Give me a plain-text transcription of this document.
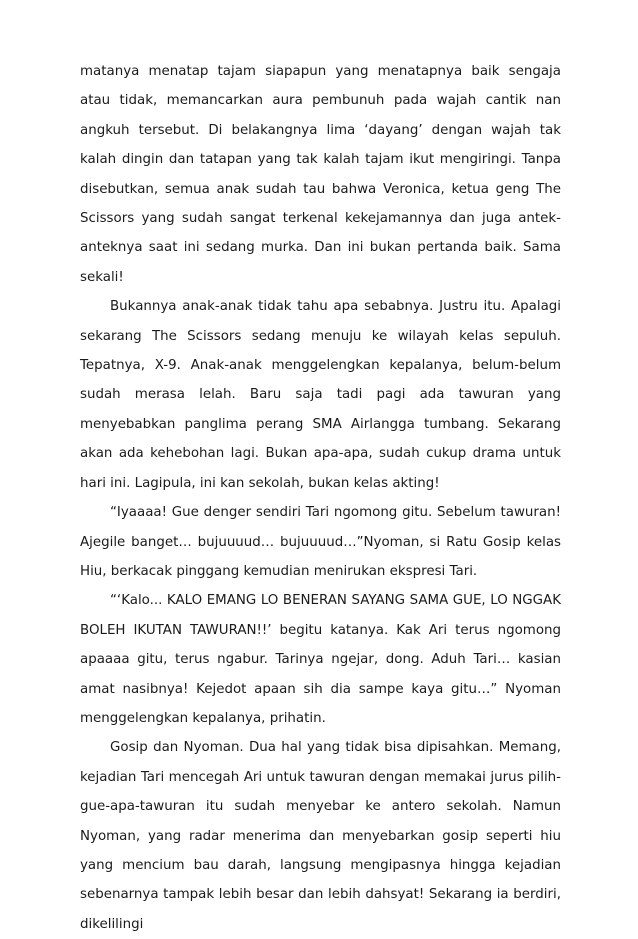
matanya menatap tajam siapapun yang menatapnya baik sengaja atau tidak, memancarkan aura pembunuh pada wajah cantik nan angkuh tersebut. Di belakangnya lima ‘dayang’ dengan wajah tak kalah dingin dan tatapan yang tak kalah tajam ikut mengiringi. Tanpa disebutkan, semua anak sudah tau bahwa Veronica, ketua geng The Scissors yang sudah sangat terkenal kekejamannya dan juga antek-anteknya saat ini sedang murka. Dan ini bukan pertanda baik. Sama sekali!

Bukannya anak-anak tidak tahu apa sebabnya. Justru itu. Apalagi sekarang The Scissors sedang menuju ke wilayah kelas sepuluh. Tepatnya, X-9. Anak-anak menggelengkan kepalanya, belum-belum sudah merasa lelah. Baru saja tadi pagi ada tawuran yang menyebabkan panglima perang SMA Airlangga tumbang. Sekarang akan ada kehebohan lagi. Bukan apa-apa, sudah cukup drama untuk hari ini. Lagipula, ini kan sekolah, bukan kelas akting!

“Iyaaaa! Gue denger sendiri Tari ngomong gitu. Sebelum tawuran! Ajegile banget… bujuuuud… bujuuuud…”Nyoman, si Ratu Gosip kelas Hiu, berkacak pinggang kemudian menirukan ekspresi Tari.

“‘Kalo... KALO EMANG LO BENERAN SAYANG SAMA GUE, LO NGGAK BOLEH IKUTAN TAWURAN!!’ begitu katanya. Kak Ari terus ngomong apaaaa gitu, terus ngabur. Tarinya ngejar, dong. Aduh Tari… kasian amat nasibnya! Kejedot apaan sih dia sampe kaya gitu…” Nyoman menggelengkan kepalanya, prihatin.

Gosip dan Nyoman. Dua hal yang tidak bisa dipisahkan. Memang, kejadian Tari mencegah Ari untuk tawuran dengan memakai jurus pilih-gue-apa-tawuran itu sudah menyebar ke antero sekolah. Namun Nyoman, yang radar menerima dan menyebarkan gosip seperti hiu yang mencium bau darah, langsung mengipasnya hingga kejadian sebenarnya tampak lebih besar dan lebih dahsyat! Sekarang ia berdiri, dikelilingi
